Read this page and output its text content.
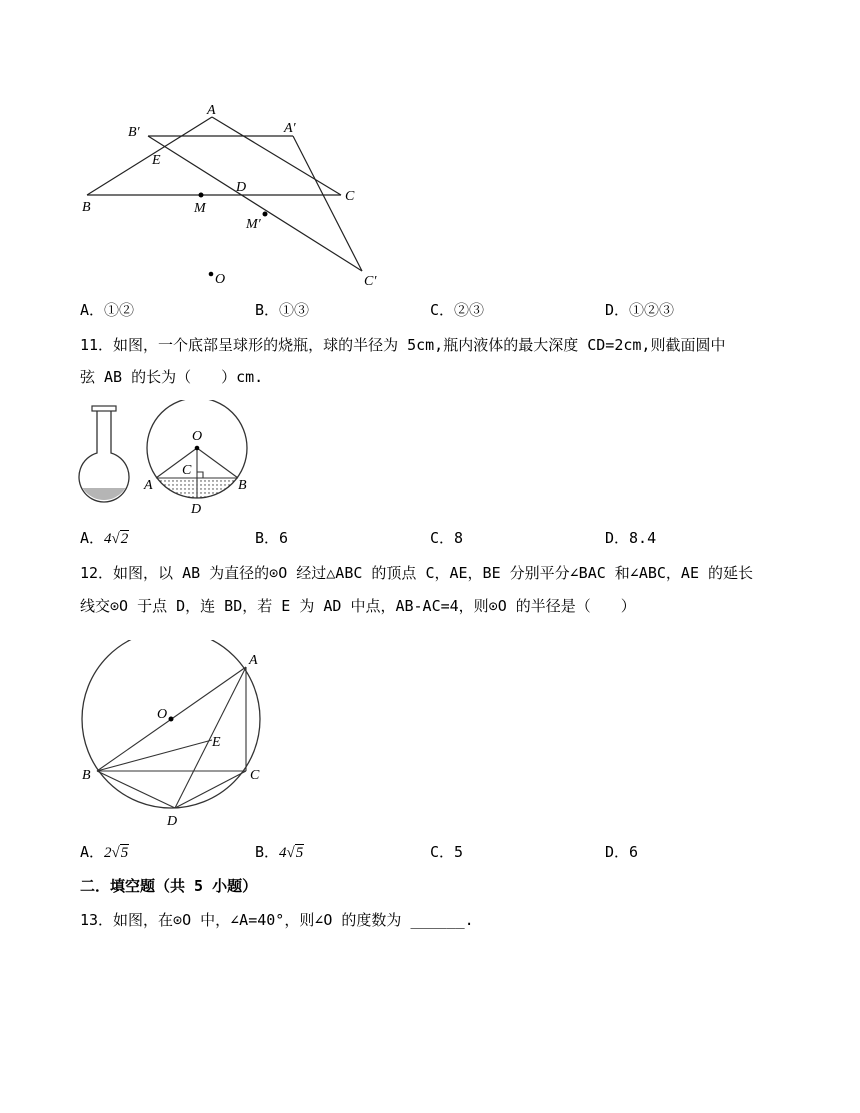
A
A′
B′
E
D
C
B	M
M′
C′
O
A．①②	B．①③	C．②③	D．①②③
11．如图，一个底部呈球形的烧瓶，球的半径为 5cm,瓶内液体的最大深度 CD=2cm,则截面圆中
弦 AB 的长为（　　）cm.
O
C
A	B
D
A．4√2	B．6	C．8	D．8.4
12．如图，以 AB 为直径的⊙O 经过△ABC 的顶点 C，AE，BE 分别平分∠BAC 和∠ABC，AE 的延长
线交⊙O 于点 D，连 BD，若 E 为 AD 中点，AB-AC=4，则⊙O 的半径是（　　）
A
O
E
B	C
D
A．2√5	B．4√5	C．5	D．6
二．填空题（共 5 小题）
13．如图，在⊙O 中，∠A=40°，则∠O 的度数为 ______.
